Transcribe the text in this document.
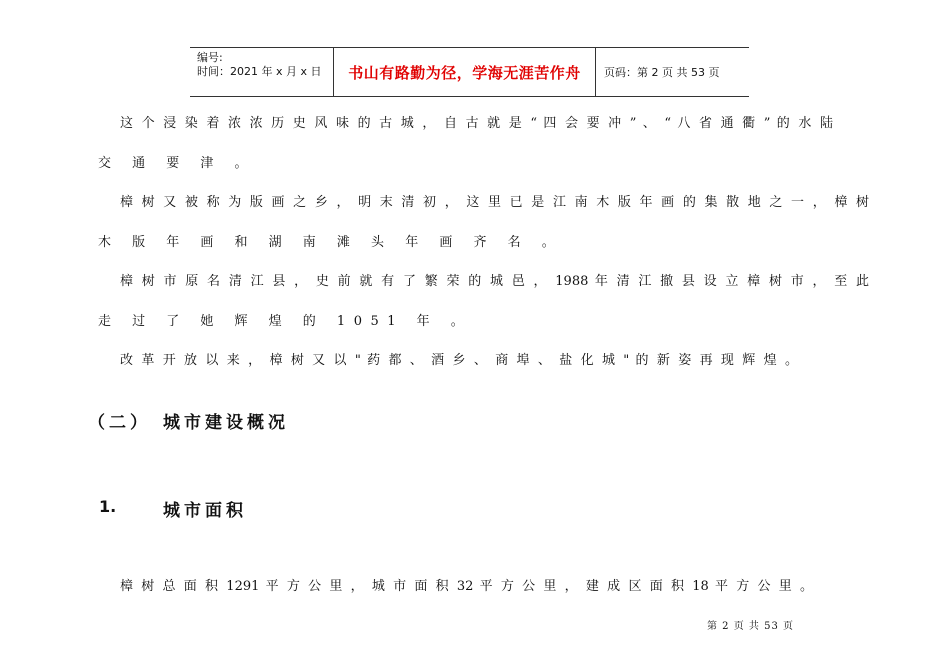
编号:
时间：2021 年 x 月 x 日	书山有路勤为径，学海无涯苦作舟	页码：第 2 页 共 53 页
这 个 浸 染 着 浓 浓 历 史 风 味 的 古 城 ， 自 古 就 是 “ 四 会 要 冲 ” 、 “ 八 省 通 衢 ” 的 水 陆
交 通 要 津 。
樟 树 又 被 称 为 版 画 之 乡 ， 明 末 清 初 ， 这 里 已 是 江 南 木 版 年 画 的 集 散 地 之 一 ， 樟 树
木 版 年 画 和 湖 南 滩 头 年 画 齐 名 。
樟 树 市 原 名 清 江 县 ， 史 前 就 有 了 繁 荣 的 城 邑 ， 1988 年 清 江 撤 县 设 立 樟 树 市 ， 至 此
走 过 了 她 辉 煌 的 1051 年 。
改 革 开 放 以 来 ， 樟 树 又 以 " 药 都 、 酒 乡 、 商 埠 、 盐 化 城 " 的 新 姿 再 现 辉 煌 。
（二） 城市建设概况
1.	城市面积
樟 树 总 面 积 1291 平 方 公 里 ， 城 市 面 积 32 平 方 公 里 ， 建 成 区 面 积 18 平 方 公 里 。
第 2 页 共 53 页
